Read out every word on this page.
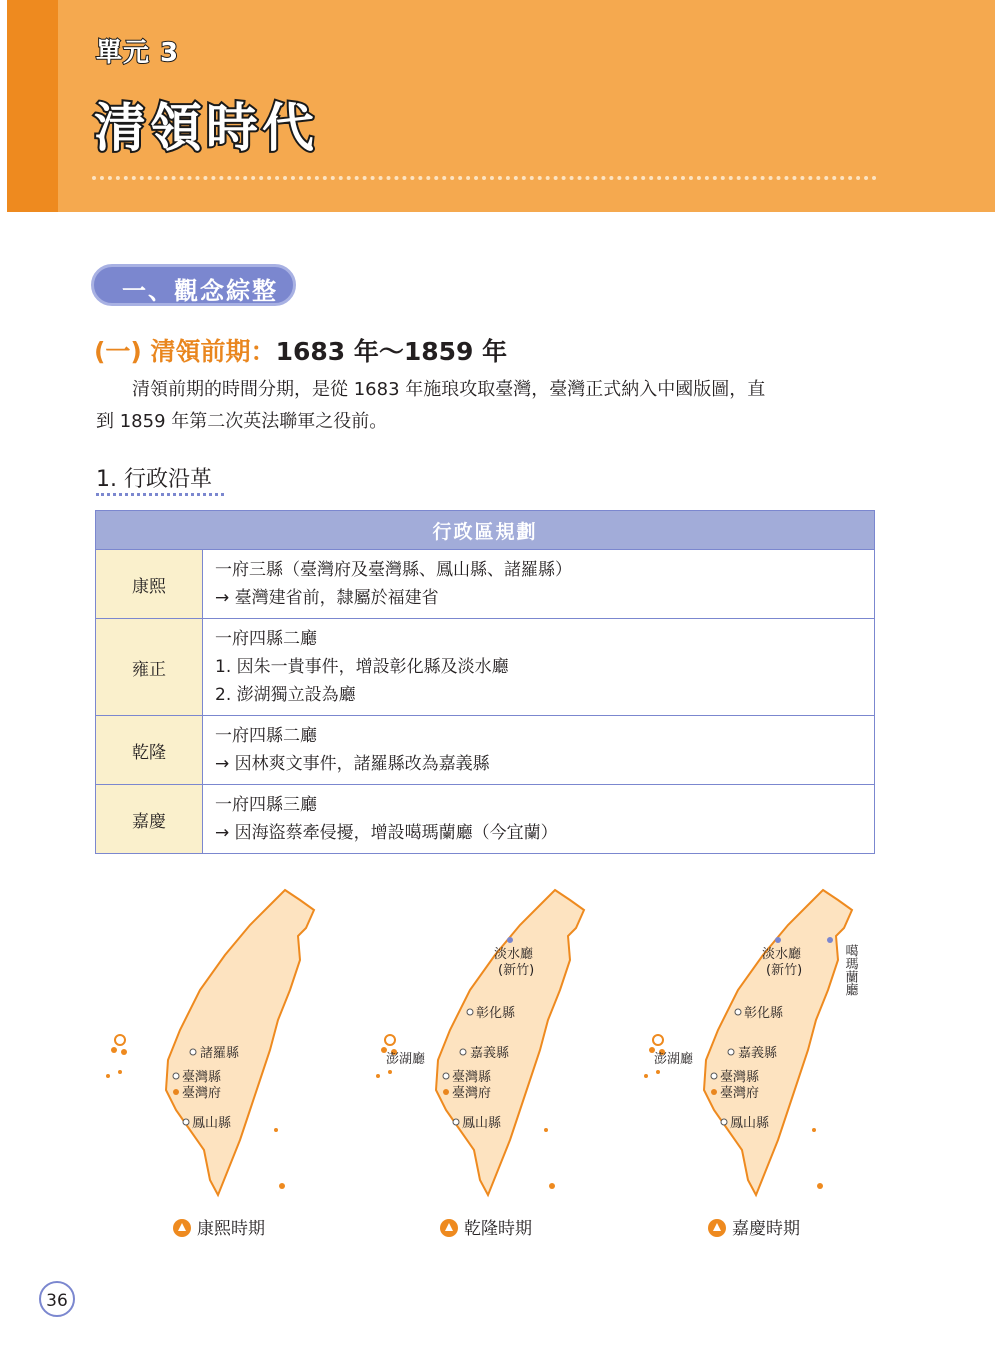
單元 3
清領時代
一、觀念綜整
(一) 清領前期：1683 年～1859 年
清領前期的時間分期，是從 1683 年施琅攻取臺灣，臺灣正式納入中國版圖，直
到 1859 年第二次英法聯軍之役前。
1. 行政沿革
行政區規劃	
康熙	一府三縣（臺灣府及臺灣縣、鳳山縣、諸羅縣）
→ 臺灣建省前，隸屬於福建省

雍正	一府四縣二廳
1. 因朱一貴事件，增設彰化縣及淡水廳
2. 澎湖獨立設為廳

乾隆	一府四縣二廳
→ 因林爽文事件，諸羅縣改為嘉義縣

嘉慶	一府四縣三廳
→ 因海盜蔡牽侵擾，增設噶瑪蘭廳（今宜蘭）
諸羅縣
臺灣縣
臺灣府
鳳山縣
康熙時期
淡水廳
(新竹)
彰化縣
澎湖廳	嘉義縣
臺灣縣
臺灣府
鳳山縣
乾隆時期
淡水廳
(新竹)	噶瑪蘭廳
彰化縣
澎湖廳	嘉義縣
臺灣縣
臺灣府
鳳山縣
嘉慶時期
36
